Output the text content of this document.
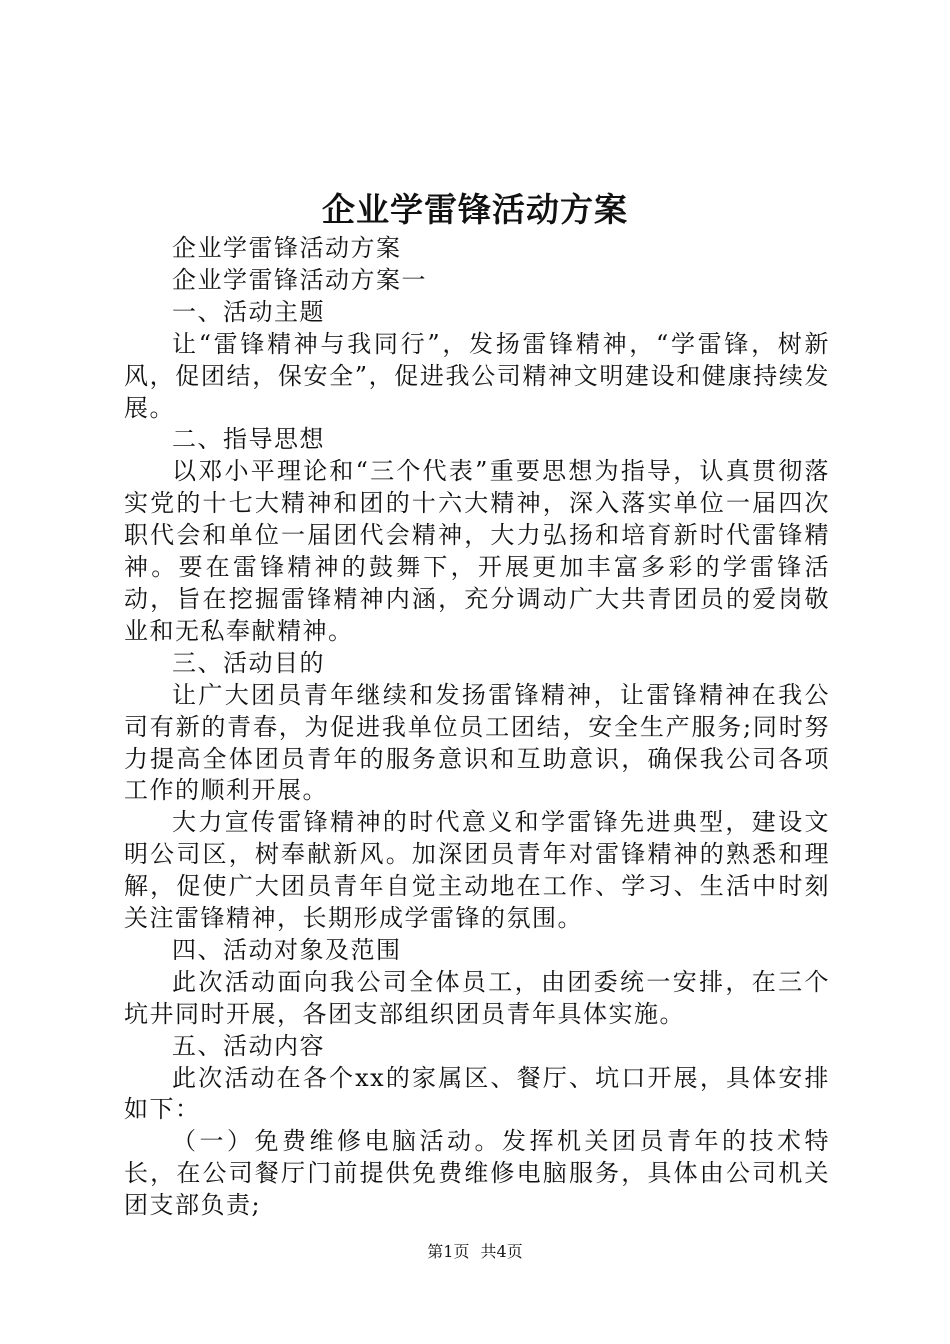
企业学雷锋活动方案

企业学雷锋活动方案

企业学雷锋活动方案一

一、活动主题

让“雷锋精神与我同行”，发扬雷锋精神，“学雷锋，树新风，促团结，保安全”，促进我公司精神文明建设和健康持续发展。

二、指导思想

以邓小平理论和“三个代表”重要思想为指导，认真贯彻落实党的十七大精神和团的十六大精神，深入落实单位一届四次职代会和单位一届团代会精神，大力弘扬和培育新时代雷锋精神。要在雷锋精神的鼓舞下，开展更加丰富多彩的学雷锋活动，旨在挖掘雷锋精神内涵，充分调动广大共青团员的爱岗敬业和无私奉献精神。

三、活动目的

让广大团员青年继续和发扬雷锋精神，让雷锋精神在我公司有新的青春，为促进我单位员工团结，安全生产服务;同时努力提高全体团员青年的服务意识和互助意识，确保我公司各项工作的顺利开展。

大力宣传雷锋精神的时代意义和学雷锋先进典型，建设文明公司区，树奉献新风。加深团员青年对雷锋精神的熟悉和理解，促使广大团员青年自觉主动地在工作、学习、生活中时刻关注雷锋精神，长期形成学雷锋的氛围。

四、活动对象及范围

此次活动面向我公司全体员工，由团委统一安排，在三个坑井同时开展，各团支部组织团员青年具体实施。

五、活动内容

此次活动在各个xx的家属区、餐厅、坑口开展，具体安排如下：

（一）免费维修电脑活动。发挥机关团员青年的技术特长，在公司餐厅门前提供免费维修电脑服务，具体由公司机关团支部负责;

第1页 共4页
